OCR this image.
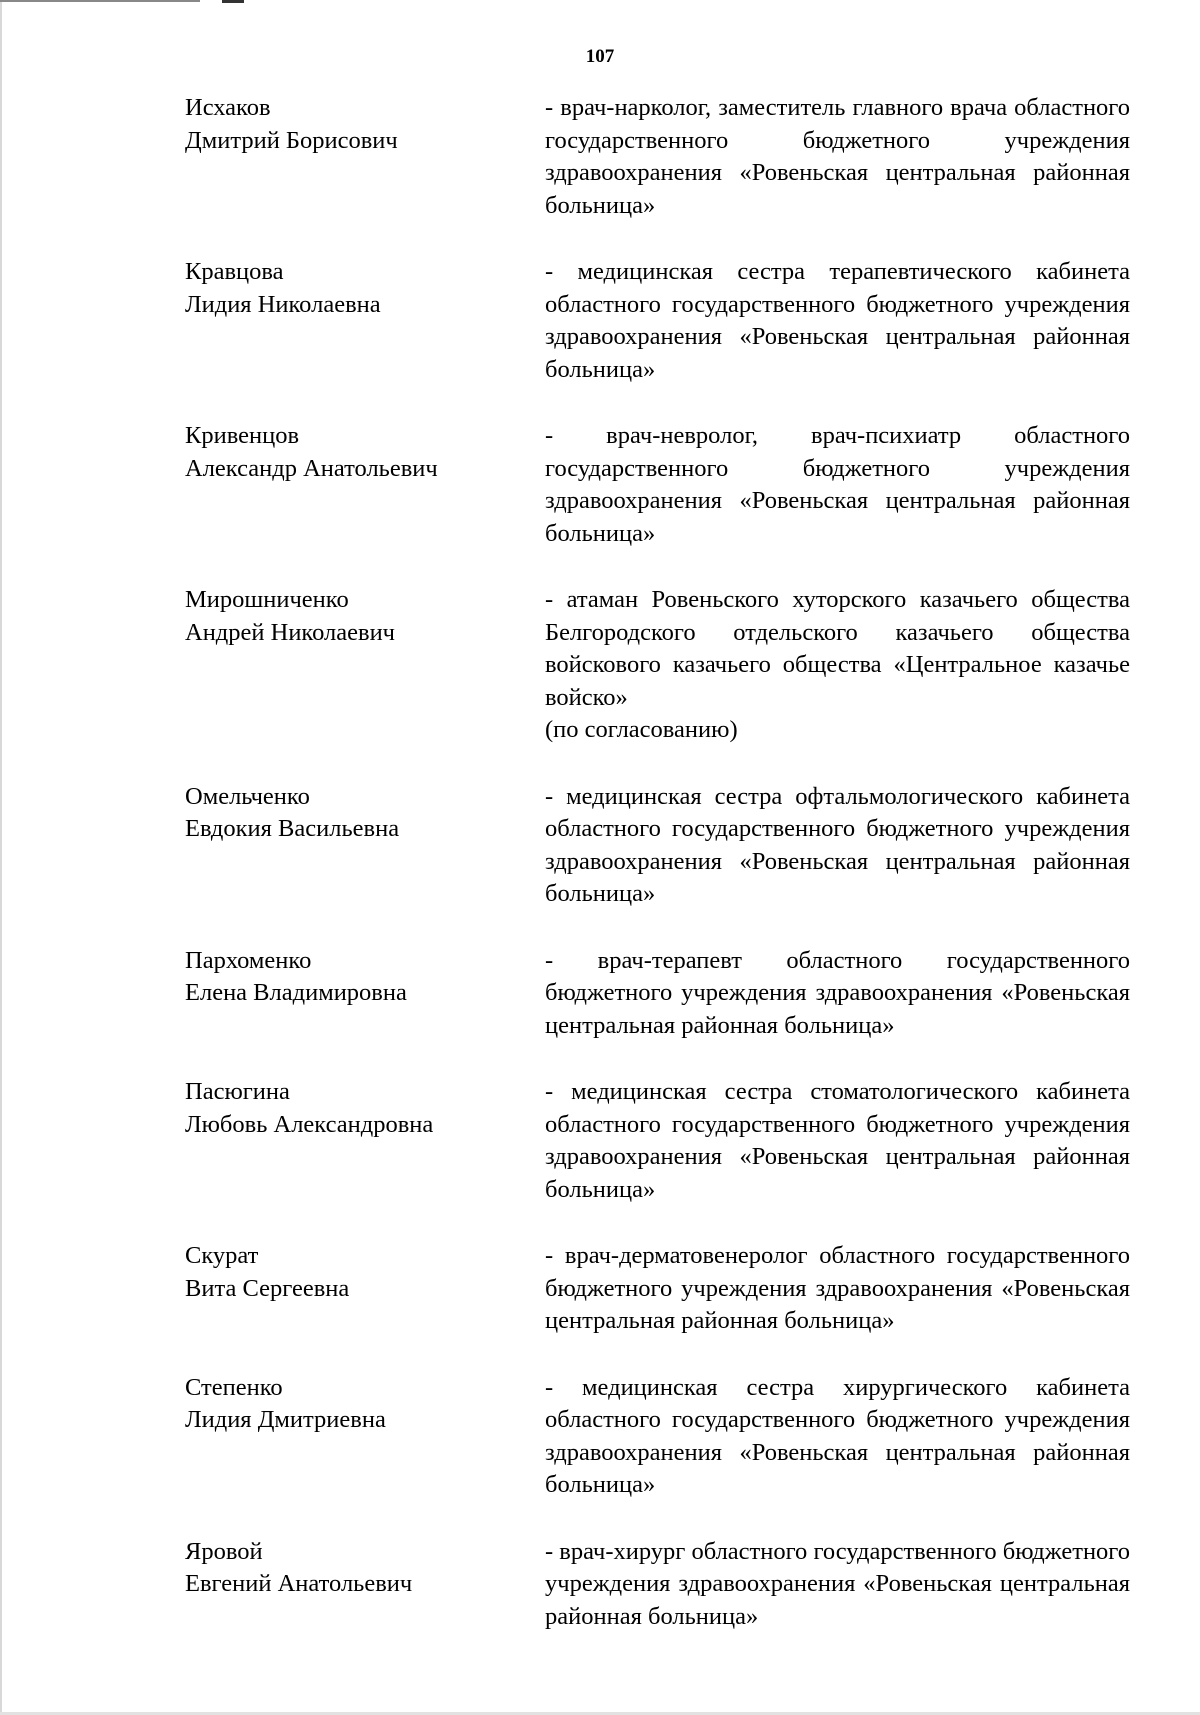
107
Исхаков
Дмитрий Борисович
- врач-нарколог, заместитель главного врача областного государственного бюджетного учреждения здравоохранения «Ровеньская центральная районная больница»
Кравцова
Лидия Николаевна
- медицинская сестра терапевтического кабинета областного государственного бюджетного учреждения здравоохранения «Ровеньская центральная районная больница»
Кривенцов
Александр Анатольевич
- врач-невролог, врач-психиатр областного государственного бюджетного учреждения здравоохранения «Ровеньская центральная районная больница»
Мирошниченко
Андрей Николаевич
- атаман Ровеньского хуторского казачьего общества Белгородского отдельского казачьего общества войскового казачьего общества «Центральное казачье войско»
(по согласованию)
Омельченко
Евдокия Васильевна
- медицинская сестра офтальмологического кабинета областного государственного бюджетного учреждения здравоохранения «Ровеньская центральная районная больница»
Пархоменко
Елена Владимировна
- врач-терапевт областного государственного бюджетного учреждения здравоохранения «Ровеньская центральная районная больница»
Пасюгина
Любовь Александровна
- медицинская сестра стоматологического кабинета областного государственного бюджетного учреждения здравоохранения «Ровеньская центральная районная больница»
Скурат
Вита Сергеевна
- врач-дерматовенеролог областного государственного бюджетного учреждения здравоохранения «Ровеньская центральная районная больница»
Степенко
Лидия Дмитриевна
- медицинская сестра хирургического кабинета областного государственного бюджетного учреждения здравоохранения «Ровеньская центральная районная больница»
Яровой
Евгений Анатольевич
- врач-хирург областного государственного бюджетного учреждения здравоохранения «Ровеньская центральная районная больница»
